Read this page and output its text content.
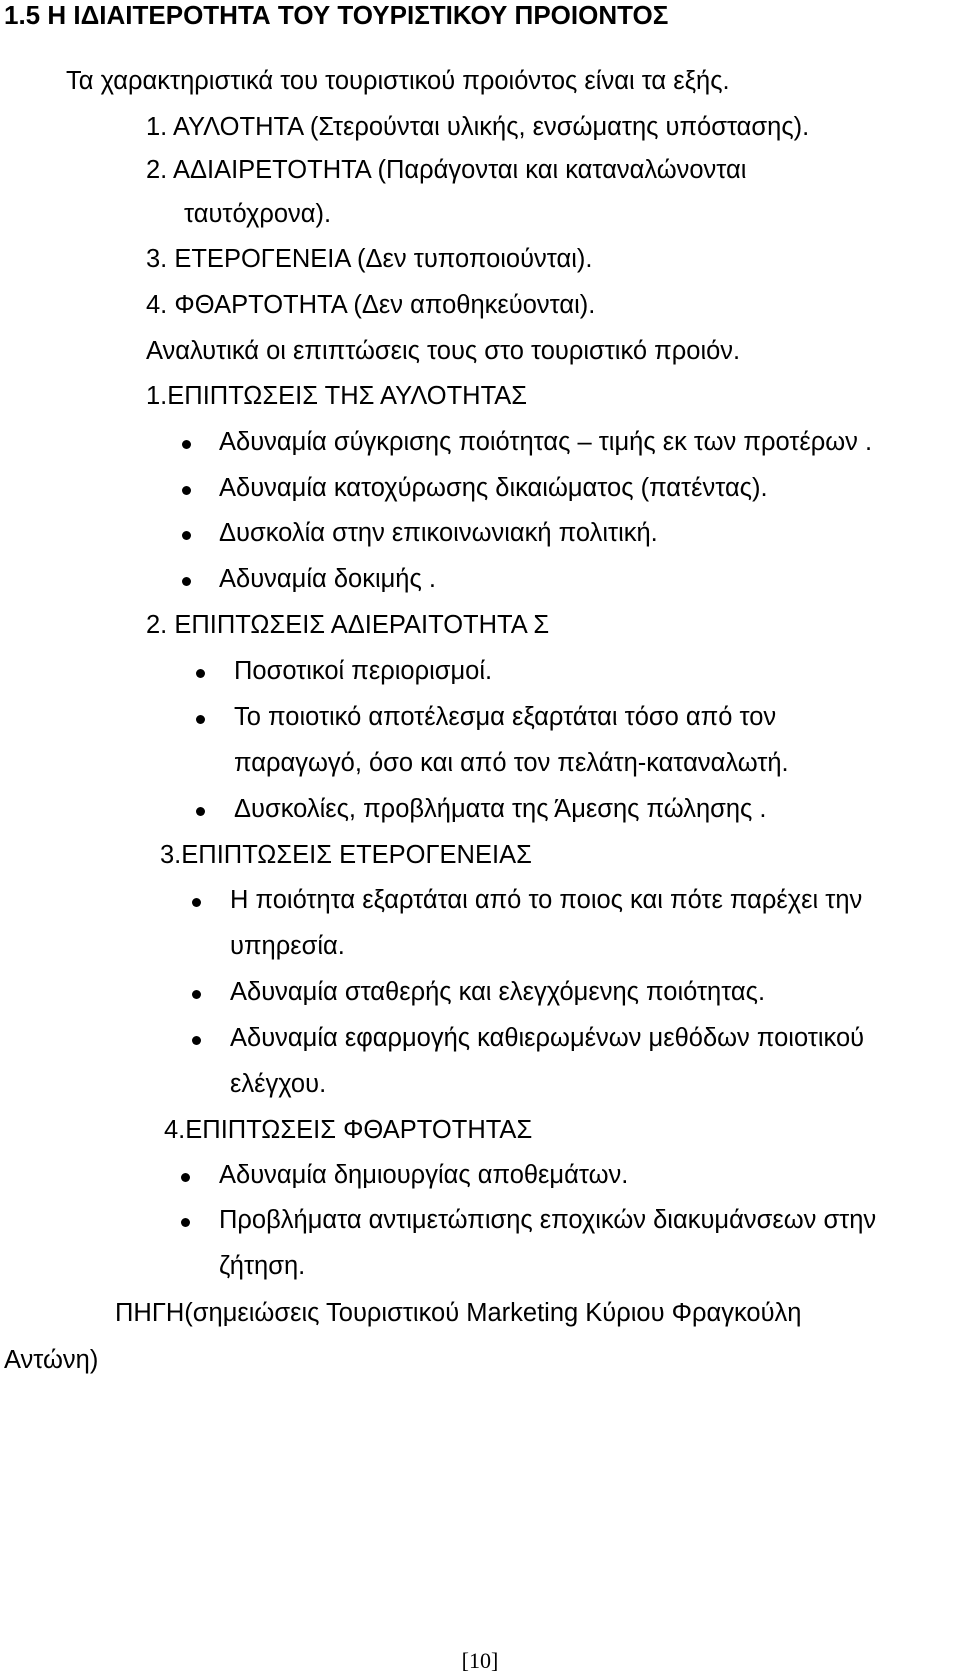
1.5 Η ΙΔΙΑΙΤΕΡΟΤΗΤΑ ΤΟΥ ΤΟΥΡΙΣΤΙΚΟΥ ΠΡΟΙΟΝΤΟΣ
Τα χαρακτηριστικά του τουριστικού προιόντος είναι τα εξής.
1. ΑΥΛΟΤΗΤΑ (Στερούνται υλικής, ενσώματης υπόστασης).
2. ΑΔΙΑΙΡΕΤΟΤΗΤΑ (Παράγονται και καταναλώνονται
ταυτόχρονα).
3. ΕΤΕΡΟΓΕΝΕΙΑ (Δεν τυποποιούνται).
4. ΦΘΑΡΤΟΤΗΤΑ (Δεν αποθηκεύονται).
Αναλυτικά οι επιπτώσεις τους στο τουριστικό προιόν.
1.ΕΠΙΠΤΩΣΕΙΣ ΤΗΣ ΑΥΛΟΤΗΤΑΣ
Αδυναμία σύγκρισης ποιότητας – τιμής εκ των προτέρων .
Αδυναμία κατοχύρωσης δικαιώματος (πατέντας).
Δυσκολία στην επικοινωνιακή πολιτική.
Αδυναμία δοκιμής .
2. ΕΠΙΠΤΩΣΕΙΣ ΑΔΙΕΡΑΙΤΟΤΗΤΑ Σ
Ποσοτικοί περιορισμοί.
Το ποιοτικό αποτέλεσμα εξαρτάται τόσο από τον
παραγωγό, όσο και από τον πελάτη-καταναλωτή.
Δυσκολίες, προβλήματα της Άμεσης πώλησης .
3.ΕΠΙΠΤΩΣΕΙΣ ΕΤΕΡΟΓΕΝΕΙΑΣ
Η ποιότητα εξαρτάται από το ποιος και πότε παρέχει την
υπηρεσία.
Αδυναμία σταθερής και ελεγχόμενης ποιότητας.
Αδυναμία εφαρμογής καθιερωμένων μεθόδων ποιοτικού
ελέγχου.
4.ΕΠΙΠΤΩΣΕΙΣ ΦΘΑΡΤΟΤΗΤΑΣ
Αδυναμία δημιουργίας αποθεμάτων.
Προβλήματα αντιμετώπισης εποχικών διακυμάνσεων στην
ζήτηση.
ΠΗΓΗ(σημειώσεις Τουριστικού Marketing Κύριου Φραγκούλη
Αντώνη)
[10]
